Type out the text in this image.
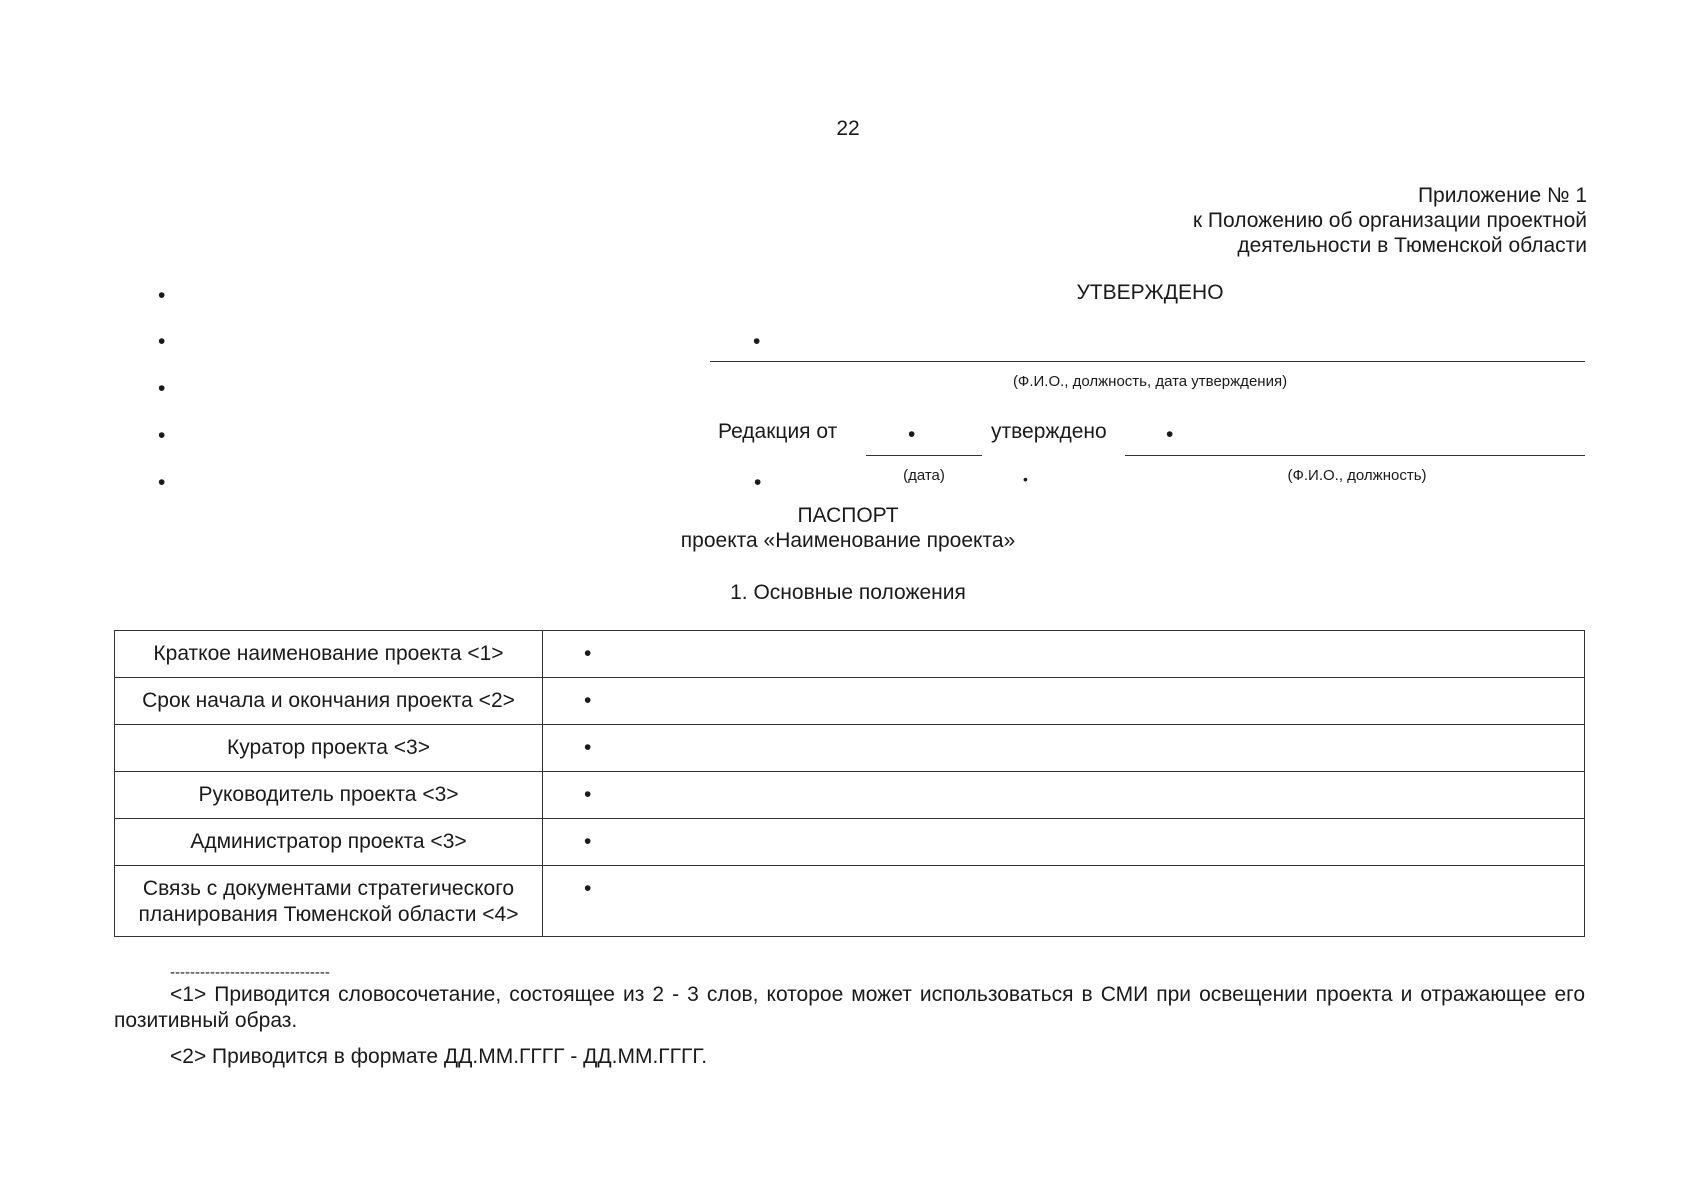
22
Приложение № 1
к Положению об организации проектной
деятельности в Тюменской области
•
•
•
•
•
УТВЕРЖДЕНО
•
(Ф.И.О., должность, дата утверждения)
Редакция от	•	утверждено	•
•	(дата)	•	(Ф.И.О., должность)
ПАСПОРТ
проекта «Наименование проекта»
1. Основные положения
Краткое наименование проекта <1>	•

Срок начала и окончания проекта <2>	•

Куратор проекта <3>	•

Руководитель проекта <3>	•

Администратор проекта <3>	•

Связь с документами стратегического
планирования Тюменской области <4>	•
--------------------------------
<1> Приводится словосочетание, состоящее из 2 - 3 слов, которое может использоваться в СМИ при освещении проекта и отражающее его позитивный образ.
<2> Приводится в формате ДД.ММ.ГГГГ - ДД.ММ.ГГГГ.
